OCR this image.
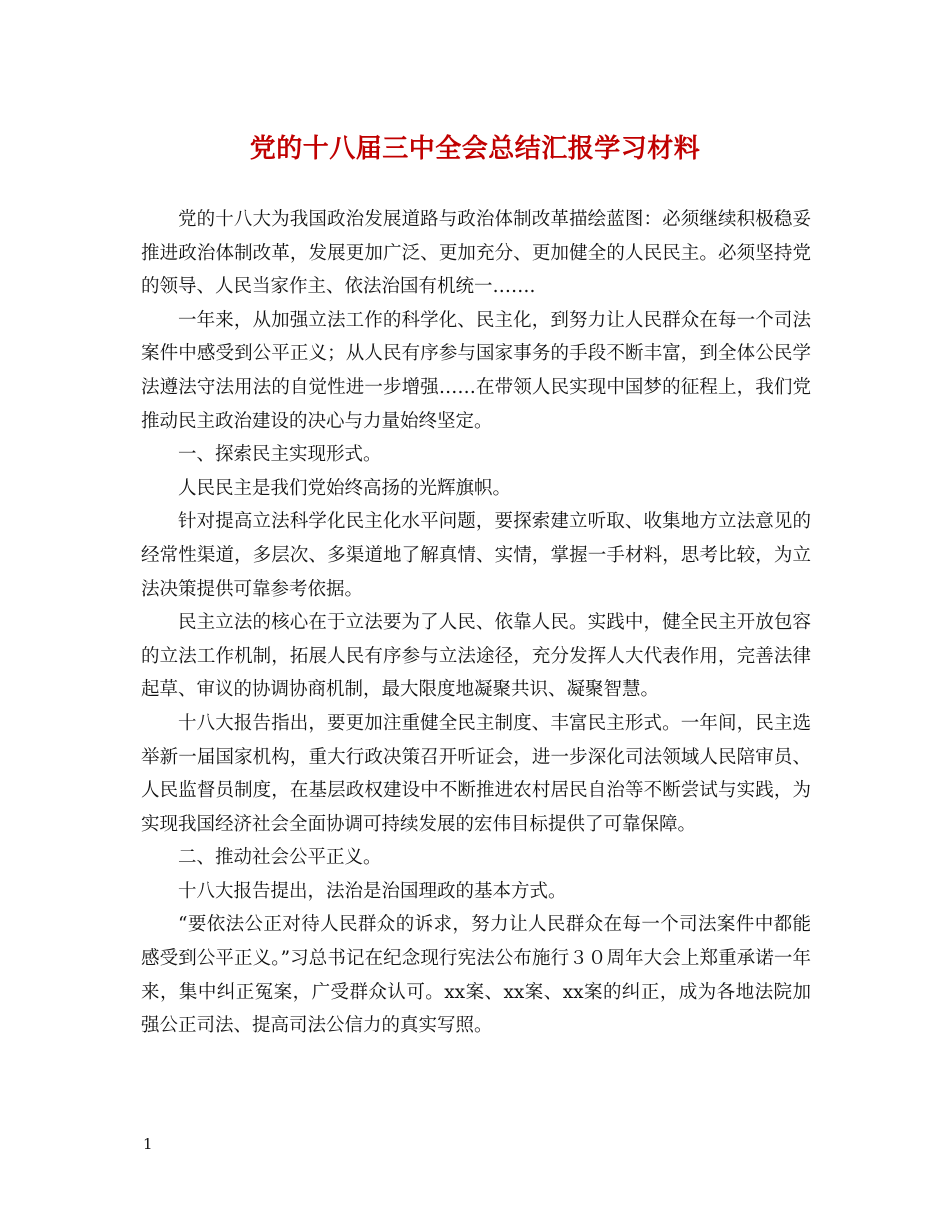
党的十八届三中全会总结汇报学习材料

党的十八大为我国政治发展道路与政治体制改革描绘蓝图：必须继续积极稳妥推进政治体制改革，发展更加广泛、更加充分、更加健全的人民民主。必须坚持党的领导、人民当家作主、依法治国有机统一…….

一年来，从加强立法工作的科学化、民主化，到努力让人民群众在每一个司法案件中感受到公平正义；从人民有序参与国家事务的手段不断丰富，到全体公民学法遵法守法用法的自觉性进一步增强……在带领人民实现中国梦的征程上，我们党推动民主政治建设的决心与力量始终坚定。

一、探索民主实现形式。

人民民主是我们党始终高扬的光辉旗帜。

针对提高立法科学化民主化水平问题，要探索建立听取、收集地方立法意见的经常性渠道，多层次、多渠道地了解真情、实情，掌握一手材料，思考比较，为立法决策提供可靠参考依据。

民主立法的核心在于立法要为了人民、依靠人民。实践中，健全民主开放包容的立法工作机制，拓展人民有序参与立法途径，充分发挥人大代表作用，完善法律起草、审议的协调协商机制，最大限度地凝聚共识、凝聚智慧。

十八大报告指出，要更加注重健全民主制度、丰富民主形式。一年间，民主选举新一届国家机构，重大行政决策召开听证会，进一步深化司法领域人民陪审员、人民监督员制度，在基层政权建设中不断推进农村居民自治等不断尝试与实践，为实现我国经济社会全面协调可持续发展的宏伟目标提供了可靠保障。

二、推动社会公平正义。

十八大报告提出，法治是治国理政的基本方式。

“要依法公正对待人民群众的诉求，努力让人民群众在每一个司法案件中都能感受到公平正义。”习总书记在纪念现行宪法公布施行３０周年大会上郑重承诺一年来，集中纠正冤案，广受群众认可。xx案、xx案、xx案的纠正，成为各地法院加强公正司法、提高司法公信力的真实写照。

1
